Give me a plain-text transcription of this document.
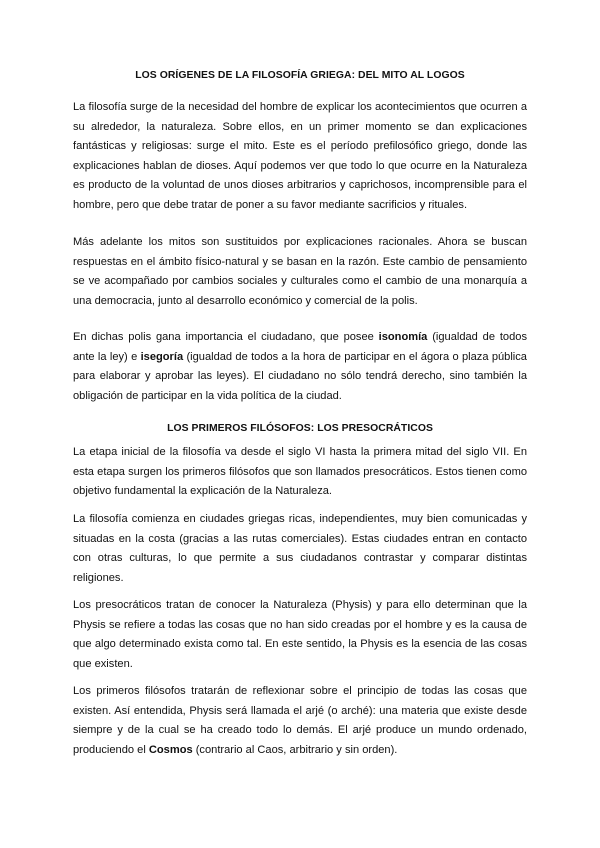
LOS ORÍGENES DE LA FILOSOFÍA GRIEGA: DEL MITO AL LOGOS

La filosofía surge de la necesidad del hombre de explicar los acontecimientos que ocurren a su alrededor, la naturaleza. Sobre ellos, en un primer momento se dan explicaciones fantásticas y religiosas: surge el mito. Este es el período prefilosófico griego, donde las explicaciones hablan de dioses. Aquí podemos ver que todo lo que ocurre en la Naturaleza es producto de la voluntad de unos dioses arbitrarios y caprichosos, incomprensible para el hombre, pero que debe tratar de poner a su favor mediante sacrificios y rituales.

Más adelante los mitos son sustituidos por explicaciones racionales. Ahora se buscan respuestas en el ámbito físico-natural y se basan en la razón. Este cambio de pensamiento se ve acompañado por cambios sociales y culturales como el cambio de una monarquía a una democracia, junto al desarrollo económico y comercial de la polis.

En dichas polis gana importancia el ciudadano, que posee isonomía (igualdad de todos ante la ley) e isegoría (igualdad de todos a la hora de participar en el ágora o plaza pública para elaborar y aprobar las leyes). El ciudadano no sólo tendrá derecho, sino también la obligación de participar en la vida política de la ciudad.

LOS PRIMEROS FILÓSOFOS: LOS PRESOCRÁTICOS

La etapa inicial de la filosofía va desde el siglo VI hasta la primera mitad del siglo VII. En esta etapa surgen los primeros filósofos que son llamados presocráticos. Estos tienen como objetivo fundamental la explicación de la Naturaleza.

La filosofía comienza en ciudades griegas ricas, independientes, muy bien comunicadas y situadas en la costa (gracias a las rutas comerciales). Estas ciudades entran en contacto con otras culturas, lo que permite a sus ciudadanos contrastar y comparar distintas religiones.

Los presocráticos tratan de conocer la Naturaleza (Physis) y para ello determinan que la Physis se refiere a todas las cosas que no han sido creadas por el hombre y es la causa de que algo determinado exista como tal. En este sentido, la Physis es la esencia de las cosas que existen.

Los primeros filósofos tratarán de reflexionar sobre el principio de todas las cosas que existen. Así entendida, Physis será llamada el arjé (o arché): una materia que existe desde siempre y de la cual se ha creado todo lo demás. El arjé produce un mundo ordenado, produciendo el Cosmos (contrario al Caos, arbitrario y sin orden).
